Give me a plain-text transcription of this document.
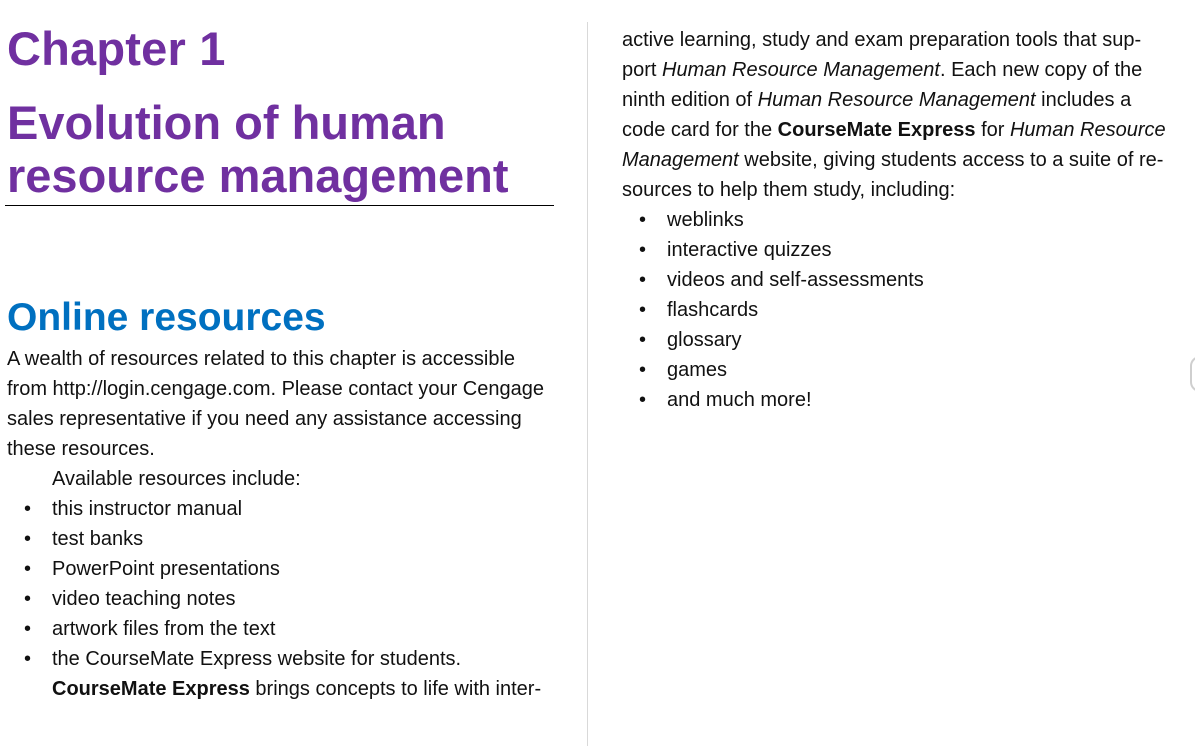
Chapter 1
Evolution of human resource management
Online resources
A wealth of resources related to this chapter is accessible
from http://login.cengage.com. Please contact your Cengage
sales representative if you need any assistance accessing
these resources.
Available resources include:
• this instructor manual
• test banks
• PowerPoint presentations
• video teaching notes
• artwork files from the text
• the CourseMate Express website for students.
CourseMate Express brings concepts to life with inter-
active learning, study and exam preparation tools that sup-
port Human Resource Management. Each new copy of the
ninth edition of Human Resource Management includes a
code card for the CourseMate Express for Human Resource
Management website, giving students access to a suite of re-
sources to help them study, including:
• weblinks
• interactive quizzes
• videos and self-assessments
• flashcards
• glossary
• games
• and much more!
